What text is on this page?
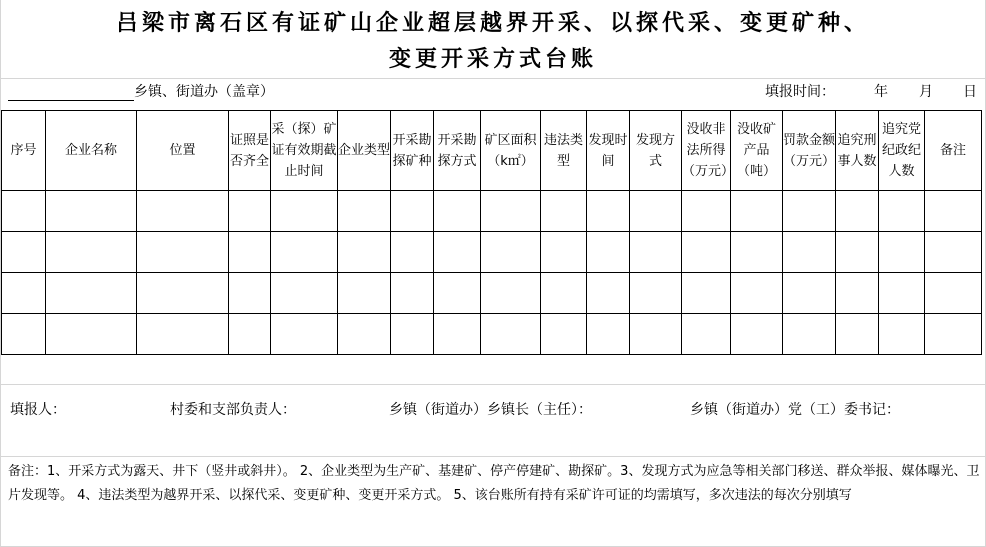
吕梁市离石区有证矿山企业超层越界开采、以探代采、变更矿种、
变更开采方式台账
乡镇、街道办（盖章）	填报时间：	年 月 日
序号	企业名称	位置	证照是否齐全	采（探）矿证有效期截止时间	企业类型	开采勘探矿种	开采勘探方式	矿区面积（k㎡）	违法类型	发现时间	发现方式	没收非法所得（万元）	没收矿产品（吨）	罚款金额（万元）	追究刑事人数	追究党纪政纪人数	备注

填报人：	村委和支部负责人：	乡镇（街道办）乡镇长（主任）：	乡镇（街道办）党（工）委书记：
备注：1、开采方式为露天、井下（竖井或斜井）。 2、企业类型为生产矿、基建矿、停产停建矿、勘探矿。3、发现方式为应急等相关部门移送、群众举报、媒体曝光、卫片发现等。 4、违法类型为越界开采、以探代采、变更矿种、变更开采方式。 5、该台账所有持有采矿许可证的均需填写，多次违法的每次分别填写
